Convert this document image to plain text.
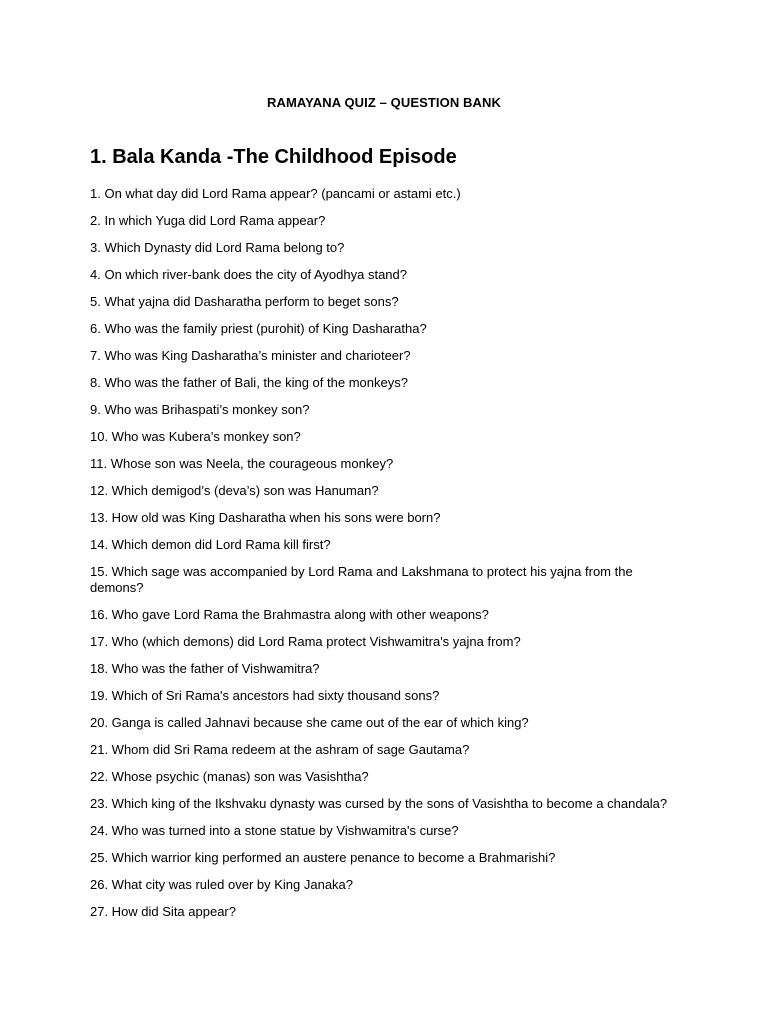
RAMAYANA QUIZ – QUESTION BANK
1. Bala Kanda -The Childhood Episode
1. On what day did Lord Rama appear? (pancami or astami etc.)
2. In which Yuga did Lord Rama appear?
3. Which Dynasty did Lord Rama belong to?
4. On which river-bank does the city of Ayodhya stand?
5. What yajna did Dasharatha perform to beget sons?
6. Who was the family priest (purohit) of King Dasharatha?
7. Who was King Dasharatha’s minister and charioteer?
8. Who was the father of Bali, the king of the monkeys?
9. Who was Brihaspati’s monkey son?
10. Who was Kubera’s monkey son?
11. Whose son was Neela, the courageous monkey?
12. Which demigod’s (deva’s) son was Hanuman?
13. How old was King Dasharatha when his sons were born?
14. Which demon did Lord Rama kill first?
15. Which sage was accompanied by Lord Rama and Lakshmana to protect his yajna from the demons?
16. Who gave Lord Rama the Brahmastra along with other weapons?
17. Who (which demons) did Lord Rama protect Vishwamitra's yajna from?
18. Who was the father of Vishwamitra?
19. Which of Sri Rama's ancestors had sixty thousand sons?
20. Ganga is called Jahnavi because she came out of the ear of which king?
21. Whom did Sri Rama redeem at the ashram of sage Gautama?
22. Whose psychic (manas) son was Vasishtha?
23. Which king of the Ikshvaku dynasty was cursed by the sons of Vasishtha to become a chandala?
24. Who was turned into a stone statue by Vishwamitra's curse?
25. Which warrior king performed an austere penance to become a Brahmarishi?
26. What city was ruled over by King Janaka?
27. How did Sita appear?
